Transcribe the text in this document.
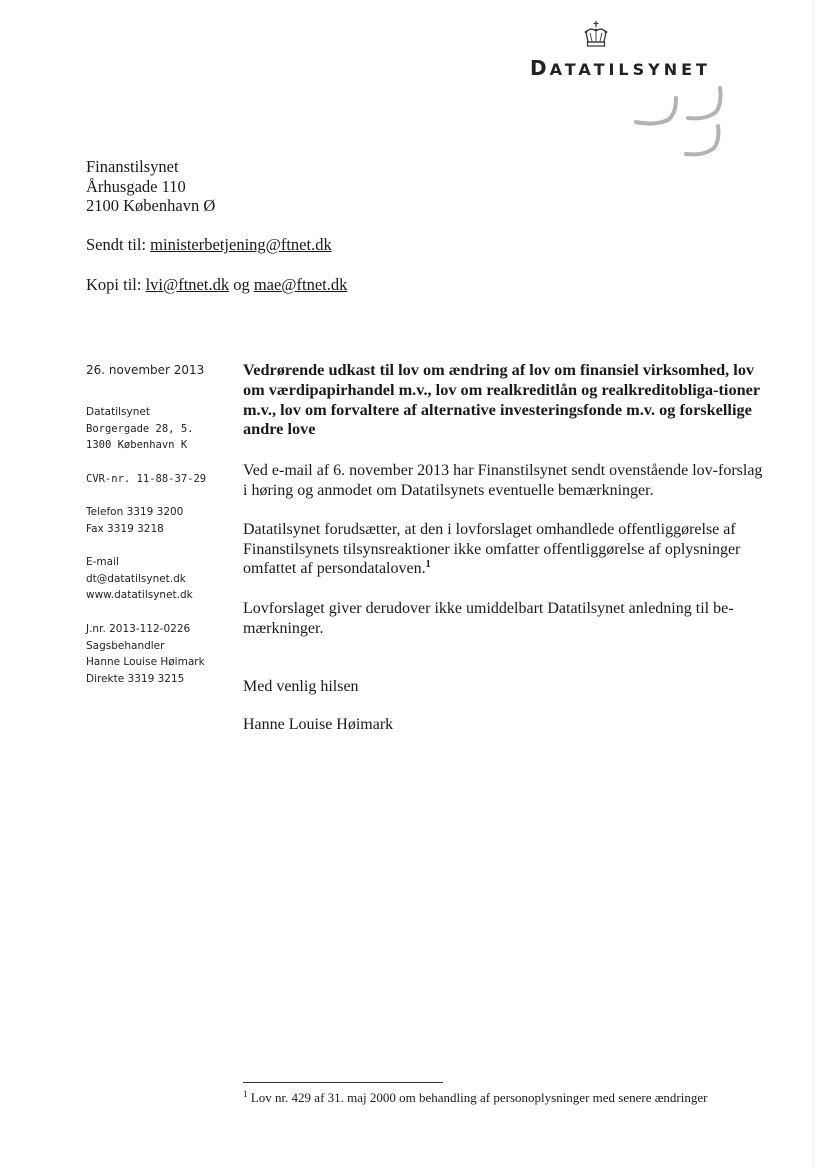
DATATILSYNET
Finanstilsynet
Århusgade 110
2100 København Ø
Sendt til: ministerbetjening@ftnet.dk
Kopi til: lvi@ftnet.dk og mae@ftnet.dk
26. november 2013
Datatilsynet
Borgergade 28, 5.
1300 København K
CVR-nr. 11-88-37-29
Telefon 3319 3200
Fax 3319 3218
E-mail
dt@datatilsynet.dk
www.datatilsynet.dk
J.nr. 2013-112-0226
Sagsbehandler
Hanne Louise Høimark
Direkte 3319 3215
Vedrørende udkast til lov om ændring af lov om finansiel virksomhed, lov om værdipapirhandel m.v., lov om realkreditlån og realkreditobliga-tioner m.v., lov om forvaltere af alternative investeringsfonde m.v. og forskellige andre love
Ved e-mail af 6. november 2013 har Finanstilsynet sendt ovenstående lov-forslag i høring og anmodet om Datatilsynets eventuelle bemærkninger.
Datatilsynet forudsætter, at den i lovforslaget omhandlede offentliggørelse af Finanstilsynets tilsynsreaktioner ikke omfatter offentliggørelse af oplysninger omfattet af persondataloven.$^1$
Lovforslaget giver derudover ikke umiddelbart Datatilsynet anledning til be-mærkninger.
Med venlig hilsen
Hanne Louise Høimark
$^1$ Lov nr. 429 af 31. maj 2000 om behandling af personoplysninger med senere ændringer
